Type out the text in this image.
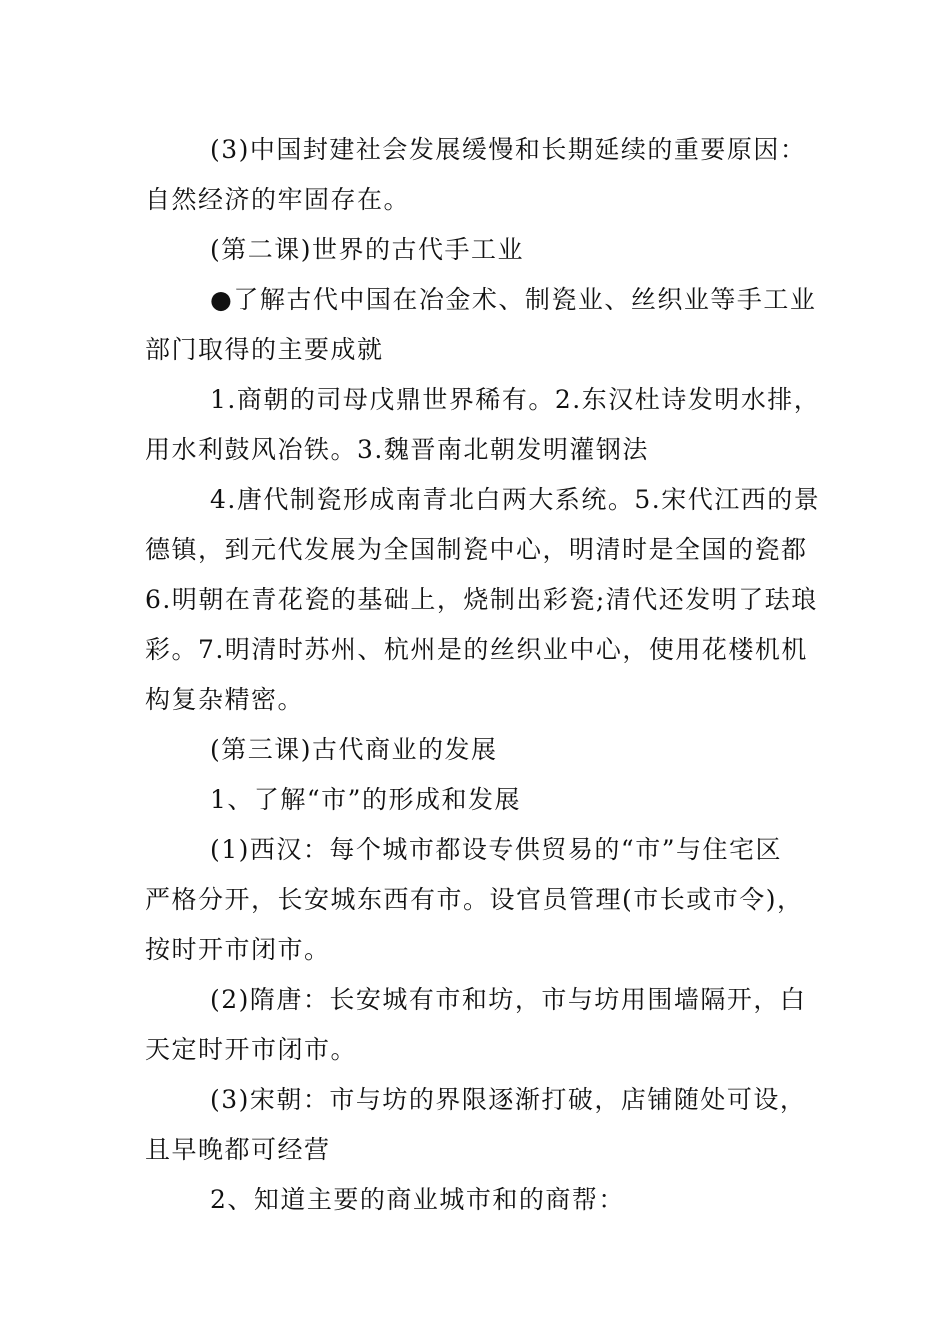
(3)中国封建社会发展缓慢和长期延续的重要原因：
自然经济的牢固存在。
(第二课)世界的古代手工业
●了解古代中国在冶金术、制瓷业、丝织业等手工业
部门取得的主要成就
1.商朝的司母戊鼎世界稀有。2.东汉杜诗发明水排，
用水利鼓风冶铁。3.魏晋南北朝发明灌钢法
4.唐代制瓷形成南青北白两大系统。5.宋代江西的景
德镇，到元代发展为全国制瓷中心，明清时是全国的瓷都
6.明朝在青花瓷的基础上，烧制出彩瓷;清代还发明了珐琅
彩。7.明清时苏州、杭州是的丝织业中心，使用花楼机机
构复杂精密。
(第三课)古代商业的发展
1、了解“市”的形成和发展
(1)西汉：每个城市都设专供贸易的“市”与住宅区
严格分开，长安城东西有市。设官员管理(市长或市令)，
按时开市闭市。
(2)隋唐：长安城有市和坊，市与坊用围墙隔开，白
天定时开市闭市。
(3)宋朝：市与坊的界限逐渐打破，店铺随处可设，
且早晚都可经营
2、知道主要的商业城市和的商帮：
